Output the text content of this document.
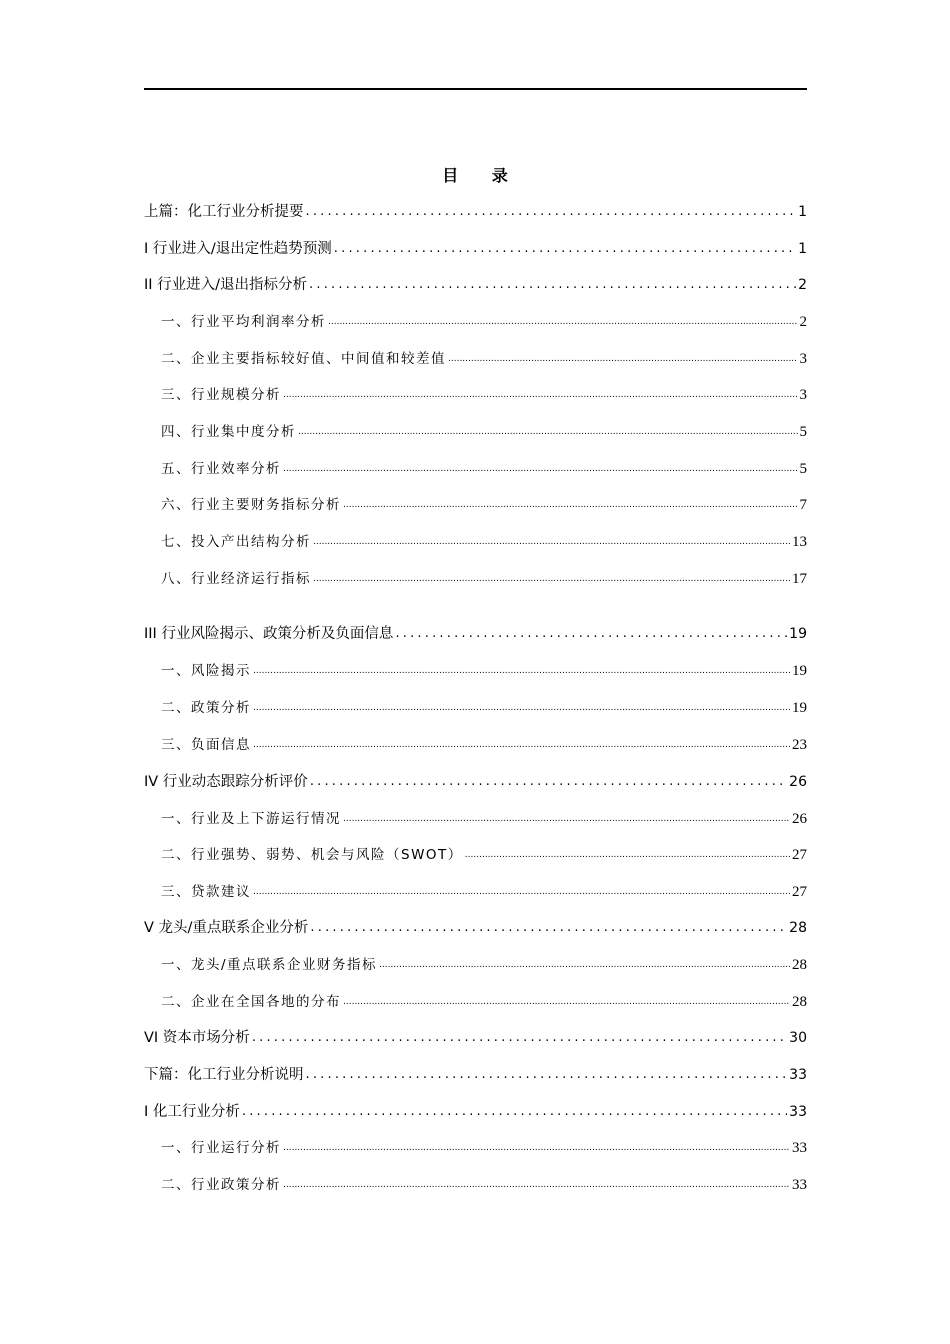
目 录
上篇：化工行业分析提要 .....	1
I 行业进入/退出定性趋势预测 .....	1
II 行业进入/退出指标分析 .....	2
一、行业平均利润率分析 .....	2
二、企业主要指标较好值、中间值和较差值 .....	3
三、行业规模分析 .....	3
四、行业集中度分析 .....	5
五、行业效率分析 .....	5
六、行业主要财务指标分析 .....	7
七、投入产出结构分析 .....	13
八、行业经济运行指标 .....	17
III 行业风险揭示、政策分析及负面信息 .....	19
一、风险揭示 .....	19
二、政策分析 .....	19
三、负面信息 .....	23
IV 行业动态跟踪分析评价 .....	26
一、行业及上下游运行情况 .....	26
二、行业强势、弱势、机会与风险（SWOT） .....	27
三、贷款建议 .....	27
V 龙头/重点联系企业分析 .....	28
一、龙头/重点联系企业财务指标 .....	28
二、企业在全国各地的分布 .....	28
VI 资本市场分析 .....	30
下篇：化工行业分析说明 .....	33
I 化工行业分析 .....	33
一、行业运行分析 .....	33
二、行业政策分析 .....	33
